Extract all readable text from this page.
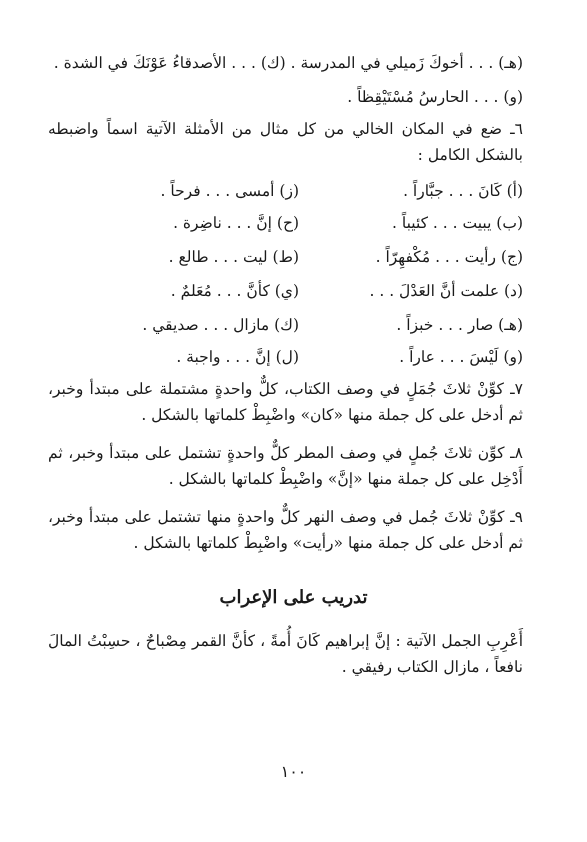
(هـ) . . . أخوكَ زَميلي في المدرسة . (ك) . . . الأصدقاءُ عَوْنَكَ في الشدة .
(و) . . . الحارسُ مُسْتَيْقِظاً .
٦ـ ضع في المكان الخالي من كل مثال من الأمثلة الآتية اسماً واضبطه بالشكل الكامل :
(أ) كَانَ . . . جبَّاراً .
(ز) أمسى . . . فرحاً .
(ب) يبيت . . . كئيباً .
(ح) إنَّ . . . ناضِرة .
(ج) رأيت . . . مُكْفهِرّاً .
(ط) ليت . . . طالع .
(د) علمت أنَّ العَدْلَ . . .
(ي) كأنَّ . . . مُعَلمٌ .
(هـ) صار . . . خبزاً .
(ك) مازال . . . صديقي .
(و) لَيْسَ . . . عاراً .
(ل) إنَّ . . . واجبة .
٧ـ كوِّنْ ثلاثَ جُمَلٍ في وصف الكتاب، كلٌّ واحدةٍ مشتملة على مبتدأ وخبر، ثم أدخل على كل جملة منها «كان» واضْبِطْ كلماتها بالشكل .
٨ـ كوِّن ثلاثَ جُملٍ في وصف المطر كلٌّ واحدةٍ تشتمل على مبتدأ وخبر، ثم أَدْخِل على كل جملة منها «إنَّ» واضْبِطْ كلماتها بالشكل .
٩ـ كوِّنْ ثلاثَ جُمل في وصف النهر كلٌّ واحدةٍ منها تشتمل على مبتدأ وخبر، ثم أدخل على كل جملة منها «رأيت» واضْبِطْ كلماتها بالشكل .
تدريب على الإعراب
أَعْرِبِ الجمل الآتية : إنَّ إبراهيم كَانَ أُمةً ، كأنَّ القمر مِصْباحٌ ، حسِبْتُ المالَ نافعاً ، مازال الكتاب رفيقي .
١٠٠
